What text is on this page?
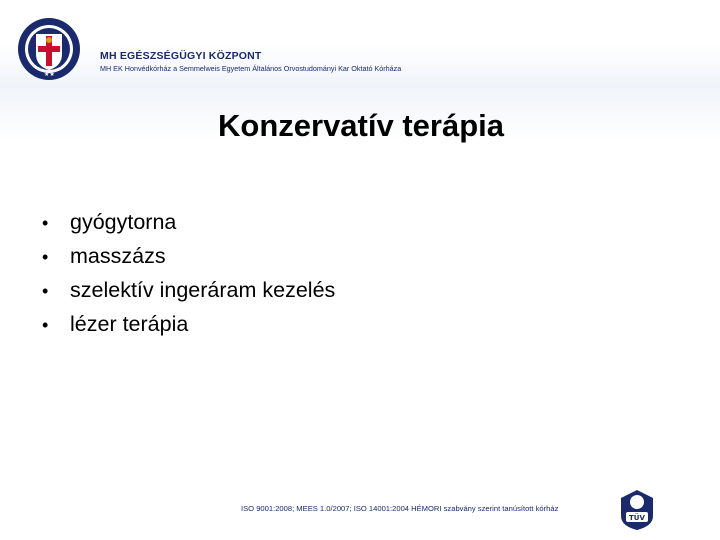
★★
MH EGÉSZSÉGÜGYI KÖZPONT
MH EK Honvédkórház a Semmelweis Egyetem Általános Orvostudományi Kar Oktató Kórháza
Konzervatív terápia
•	gyógytorna
•	masszázs
•	szelektív ingeráram kezelés
•	lézer terápia
ISO 9001:2008; MEES 1.0/2007; ISO 14001:2004 HÉMORI szabvány szerint tanúsított kórház
TÜV
